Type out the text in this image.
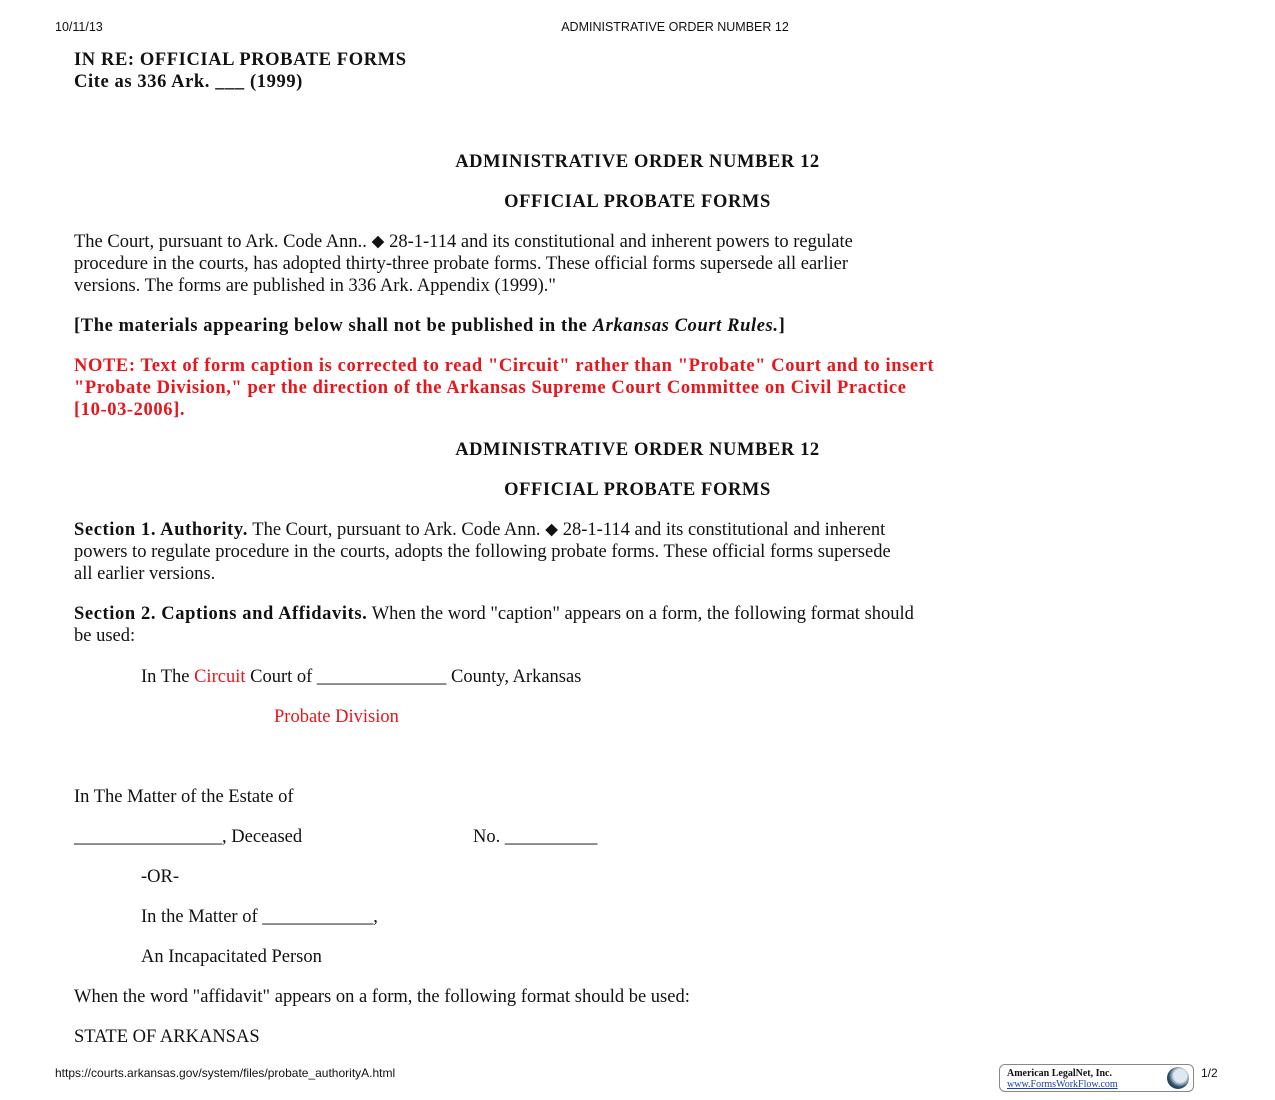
10/11/13	ADMINISTRATIVE ORDER NUMBER 12
IN RE: OFFICIAL PROBATE FORMS
Cite as 336 Ark. ___ (1999)
ADMINISTRATIVE ORDER NUMBER 12
OFFICIAL PROBATE FORMS
The Court, pursuant to Ark. Code Ann.. ⬥ 28-1-114 and its constitutional and inherent powers to regulate
procedure in the courts, has adopted thirty-three probate forms. These official forms supersede all earlier
versions. The forms are published in 336 Ark. Appendix (1999)."
[The materials appearing below shall not be published in the Arkansas Court Rules.]
NOTE: Text of form caption is corrected to read "Circuit" rather than "Probate" Court and to insert
"Probate Division," per the direction of the Arkansas Supreme Court Committee on Civil Practice
[10-03-2006].
ADMINISTRATIVE ORDER NUMBER 12
OFFICIAL PROBATE FORMS
Section 1. Authority. The Court, pursuant to Ark. Code Ann. ⬥ 28-1-114 and its constitutional and inherent
powers to regulate procedure in the courts, adopts the following probate forms. These official forms supersede
all earlier versions.
Section 2. Captions and Affidavits. When the word "caption" appears on a form, the following format should
be used:
In The Circuit Court of ______________ County, Arkansas
Probate Division
In The Matter of the Estate of
________________, Deceased	No. __________
-OR-
In the Matter of ____________,
An Incapacitated Person
When the word "affidavit" appears on a form, the following format should be used:
STATE OF ARKANSAS
https://courts.arkansas.gov/system/files/probate_authorityA.html	American LegalNet, Inc.
www.FormsWorkFlow.com
1/2
